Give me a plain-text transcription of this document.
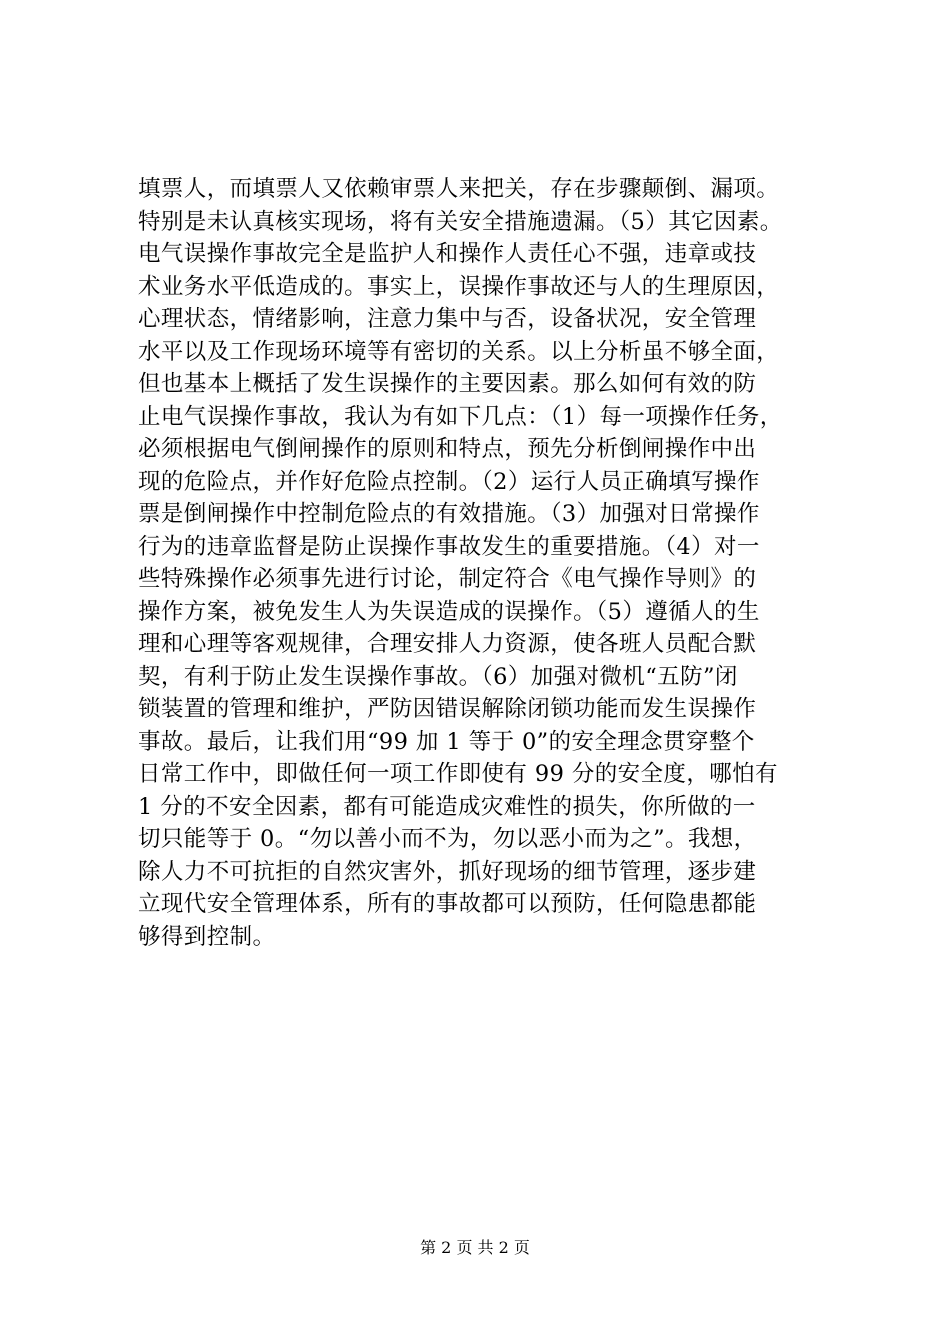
填票人，而填票人又依赖审票人来把关，存在步骤颠倒、漏项。
特别是未认真核实现场，将有关安全措施遗漏。（5）其它因素。
电气误操作事故完全是监护人和操作人责任心不强，违章或技
术业务水平低造成的。事实上，误操作事故还与人的生理原因，
心理状态，情绪影响，注意力集中与否，设备状况，安全管理
水平以及工作现场环境等有密切的关系。以上分析虽不够全面，
但也基本上概括了发生误操作的主要因素。那么如何有效的防
止电气误操作事故，我认为有如下几点：（1）每一项操作任务，
必须根据电气倒闸操作的原则和特点，预先分析倒闸操作中出
现的危险点，并作好危险点控制。（2）运行人员正确填写操作
票是倒闸操作中控制危险点的有效措施。（3）加强对日常操作
行为的违章监督是防止误操作事故发生的重要措施。（4）对一
些特殊操作必须事先进行讨论，制定符合《电气操作导则》的
操作方案，被免发生人为失误造成的误操作。（5）遵循人的生
理和心理等客观规律，合理安排人力资源，使各班人员配合默
契，有利于防止发生误操作事故。（6）加强对微机“五防”闭
锁装置的管理和维护，严防因错误解除闭锁功能而发生误操作
事故。最后，让我们用“99 加 1 等于 0”的安全理念贯穿整个
日常工作中，即做任何一项工作即使有 99 分的安全度，哪怕有
1 分的不安全因素，都有可能造成灾难性的损失，你所做的一
切只能等于 0。“勿以善小而不为，勿以恶小而为之”。我想，
除人力不可抗拒的自然灾害外，抓好现场的细节管理，逐步建
立现代安全管理体系，所有的事故都可以预防，任何隐患都能
够得到控制。
第 2 页 共 2 页
